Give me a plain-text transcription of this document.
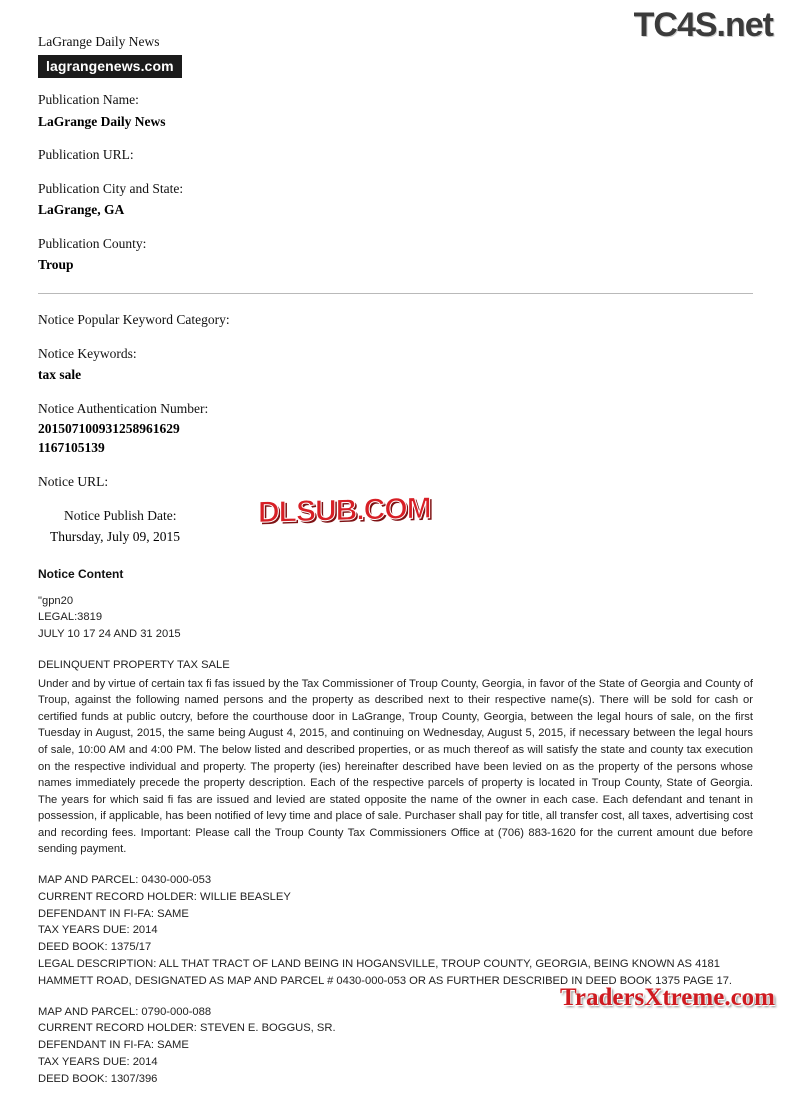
TC4S.net
LaGrange Daily News
lagrangenews.com
Publication Name:
LaGrange Daily News
Publication URL:
Publication City and State:
LaGrange, GA
Publication County:
Troup
Notice Popular Keyword Category:
Notice Keywords:
tax sale
Notice Authentication Number:
201507100931258961629
1167105139
Notice URL:
Notice Publish Date:
Thursday, July 09, 2015
Notice Content
"gpn20
LEGAL:3819
JULY 10 17 24 AND 31 2015
DELINQUENT PROPERTY TAX SALE

Under and by virtue of certain tax fi fas issued by the Tax Commissioner of Troup County, Georgia, in favor of the State of Georgia and County of Troup, against the following named persons and the property as described next to their respective name(s). There will be sold for cash or certified funds at public outcry, before the courthouse door in LaGrange, Troup County, Georgia, between the legal hours of sale, on the first Tuesday in August, 2015, the same being August 4, 2015, and continuing on Wednesday, August 5, 2015, if necessary between the legal hours of sale, 10:00 AM and 4:00 PM. The below listed and described properties, or as much thereof as will satisfy the state and county tax execution on the respective individual and property. The property (ies) hereinafter described have been levied on as the property of the persons whose names immediately precede the property description. Each of the respective parcels of property is located in Troup County, State of Georgia. The years for which said fi fas are issued and levied are stated opposite the name of the owner in each case. Each defendant and tenant in possession, if applicable, has been notified of levy time and place of sale. Purchaser shall pay for title, all transfer cost, all taxes, advertising cost and recording fees. Important: Please call the Troup County Tax Commissioners Office at (706) 883-1620 for the current amount due before sending payment.

MAP AND PARCEL: 0430-000-053
CURRENT RECORD HOLDER: WILLIE BEASLEY
DEFENDANT IN FI-FA: SAME
TAX YEARS DUE: 2014
DEED BOOK: 1375/17
LEGAL DESCRIPTION: ALL THAT TRACT OF LAND BEING IN HOGANSVILLE, TROUP COUNTY, GEORGIA, BEING KNOWN AS 4181 HAMMETT ROAD, DESIGNATED AS MAP AND PARCEL # 0430-000-053 OR AS FURTHER DESCRIBED IN DEED BOOK 1375 PAGE 17.
MAP AND PARCEL: 0790-000-088
CURRENT RECORD HOLDER: STEVEN E. BOGGUS, SR.
DEFENDANT IN FI-FA: SAME
TAX YEARS DUE: 2014
DEED BOOK: 1307/396
DLSUB.COM
TradersXtreme.com
